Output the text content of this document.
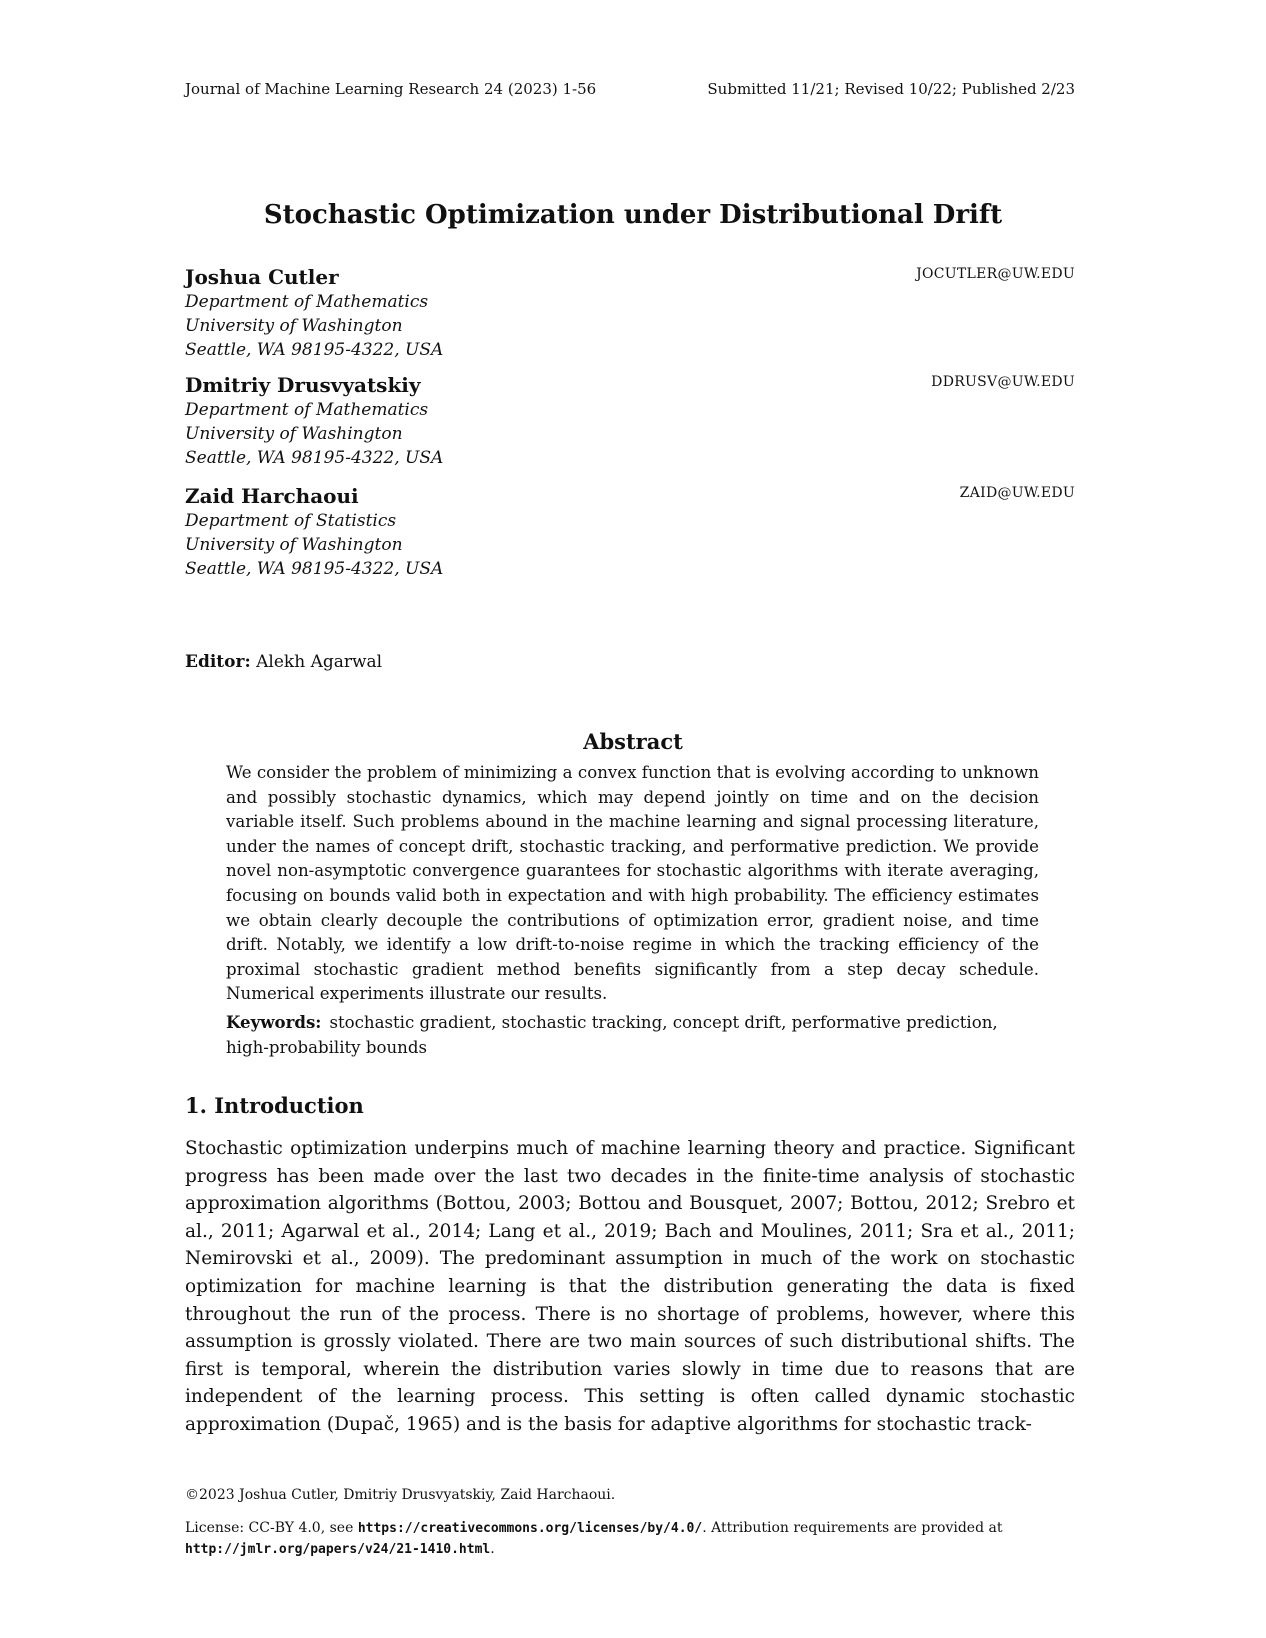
Journal of Machine Learning Research 24 (2023) 1-56	Submitted 11/21; Revised 10/22; Published 2/23
Stochastic Optimization under Distributional Drift
Joshua Cutler	JOCUTLER@UW.EDU
Department of Mathematics
University of Washington
Seattle, WA 98195-4322, USA
Dmitriy Drusvyatskiy	DDRUSV@UW.EDU
Department of Mathematics
University of Washington
Seattle, WA 98195-4322, USA
Zaid Harchaoui	ZAID@UW.EDU
Department of Statistics
University of Washington
Seattle, WA 98195-4322, USA
Editor: Alekh Agarwal
Abstract
We consider the problem of minimizing a convex function that is evolving according to unknown and possibly stochastic dynamics, which may depend jointly on time and on the decision variable itself. Such problems abound in the machine learning and signal processing literature, under the names of concept drift, stochastic tracking, and performative prediction. We provide novel non-asymptotic convergence guarantees for stochastic algorithms with iterate averaging, focusing on bounds valid both in expectation and with high probability. The efficiency estimates we obtain clearly decouple the contributions of optimization error, gradient noise, and time drift. Notably, we identify a low drift-to-noise regime in which the tracking efficiency of the proximal stochastic gradient method benefits significantly from a step decay schedule. Numerical experiments illustrate our results.
Keywords: stochastic gradient, stochastic tracking, concept drift, performative prediction, high-probability bounds
1. Introduction
Stochastic optimization underpins much of machine learning theory and practice. Significant progress has been made over the last two decades in the finite-time analysis of stochastic approximation algorithms (Bottou, 2003; Bottou and Bousquet, 2007; Bottou, 2012; Srebro et al., 2011; Agarwal et al., 2014; Lang et al., 2019; Bach and Moulines, 2011; Sra et al., 2011; Nemirovski et al., 2009). The predominant assumption in much of the work on stochastic optimization for machine learning is that the distribution generating the data is fixed throughout the run of the process. There is no shortage of problems, however, where this assumption is grossly violated. There are two main sources of such distributional shifts. The first is temporal, wherein the distribution varies slowly in time due to reasons that are independent of the learning process. This setting is often called dynamic stochastic approximation (Dupač, 1965) and is the basis for adaptive algorithms for stochastic track-
©2023 Joshua Cutler, Dmitriy Drusvyatskiy, Zaid Harchaoui.
License: CC-BY 4.0, see https://creativecommons.org/licenses/by/4.0/. Attribution requirements are provided at http://jmlr.org/papers/v24/21-1410.html.
